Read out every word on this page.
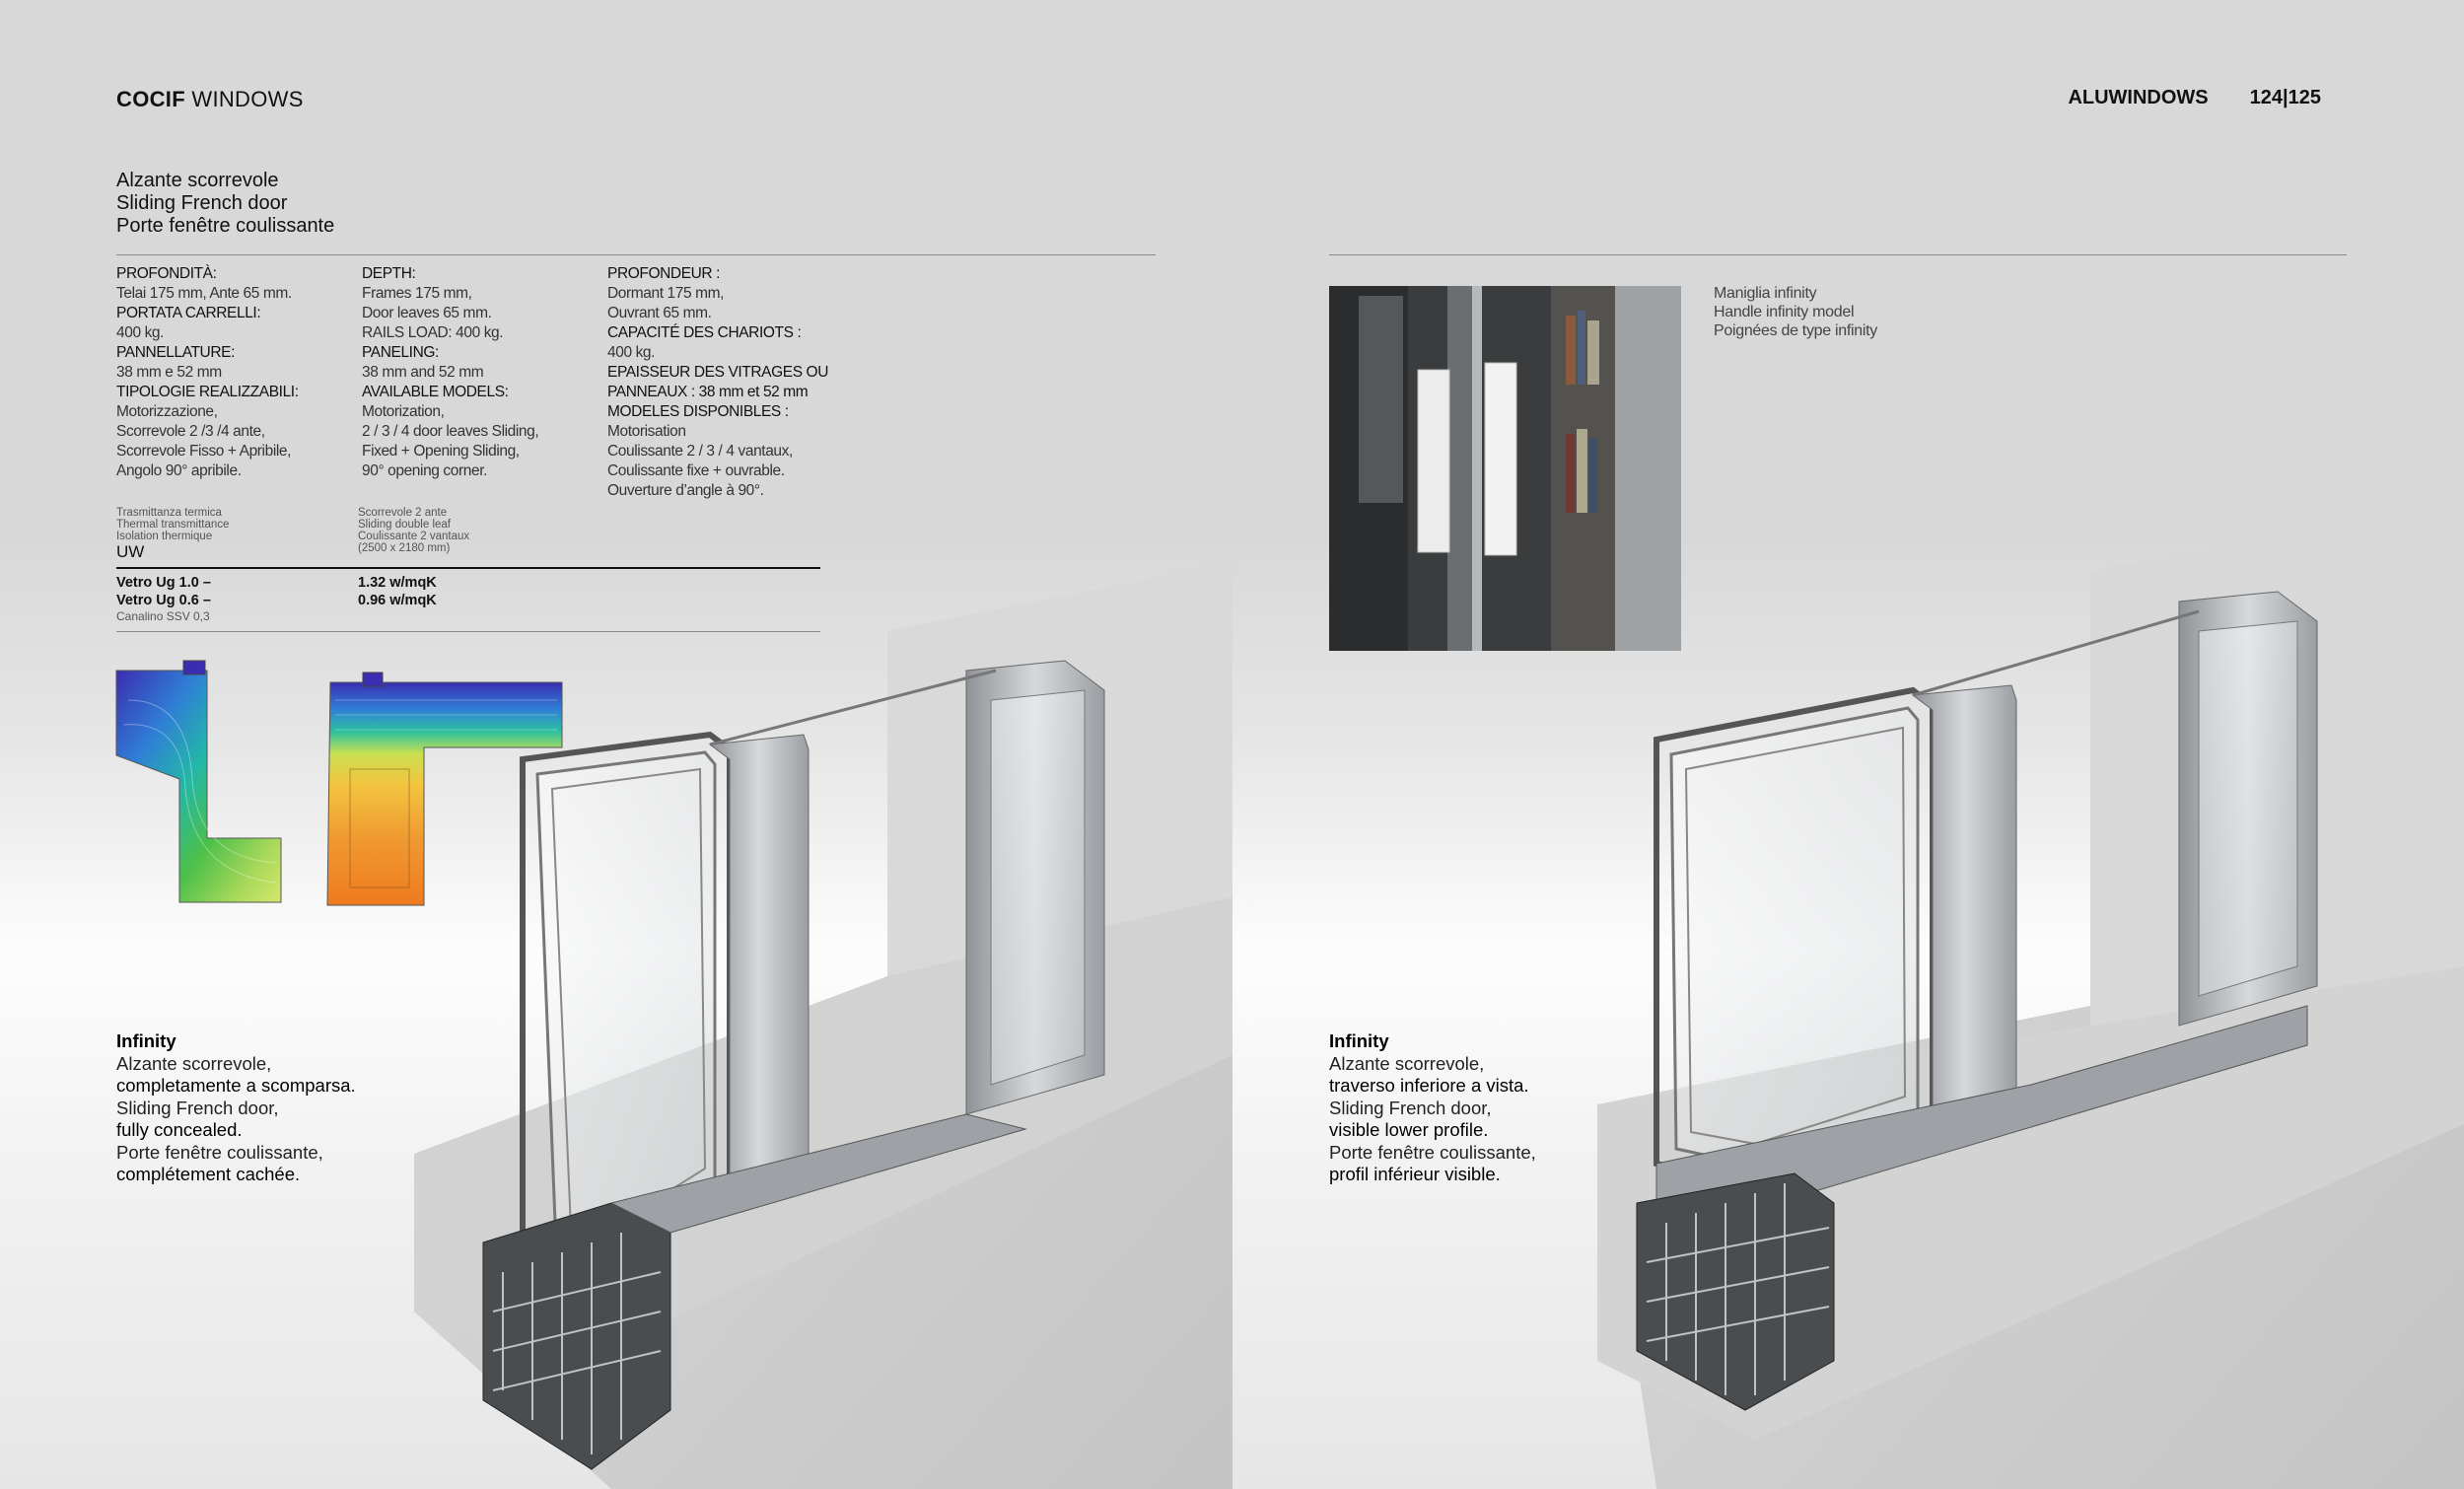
COCIF WINDOWS	ALUWINDOWS 124|125
Alzante scorrevole
Sliding French door
Porte fenêtre coulissante
PROFONDITÀ:
Telai 175 mm, Ante 65 mm.
PORTATA CARRELLI:
400 kg.
PANNELLATURE:
38 mm e 52 mm
TIPOLOGIE REALIZZABILI:
Motorizzazione,
Scorrevole 2 /3 /4 ante,
Scorrevole Fisso + Apribile,
Angolo 90° apribile.
DEPTH:
Frames 175 mm,
Door leaves 65 mm.
RAILS LOAD: 400 kg.
PANELING:
38 mm and 52 mm
AVAILABLE MODELS:
Motorization,
2 / 3 / 4 door leaves Sliding,
Fixed + Opening Sliding,
90° opening corner.
PROFONDEUR :
Dormant 175 mm,
Ouvrant 65 mm.
CAPACITÉ DES CHARIOTS :
400 kg.
EPAISSEUR DES VITRAGES OU
PANNEAUX : 38 mm et 52 mm
MODELES DISPONIBLES :
Motorisation
Coulissante 2 / 3 / 4 vantaux,
Coulissante fixe + ouvrable.
Ouverture d’angle à 90°.
Trasmittanza termica
Thermal transmittance
Isolation thermique
Scorrevole 2 ante
Sliding double leaf
Coulissante 2 vantaux
(2500 x 2180 mm)
UW
Vetro Ug 1.0 –
Vetro Ug 0.6 –
1.32 w/mqK
0.96 w/mqK
Canalino SSV 0,3
Maniglia infinity
Handle infinity model
Poignées de type infinity
Infinity
Alzante scorrevole,
completamente a scomparsa.
Sliding French door,
fully concealed.
Porte fenêtre coulissante,
complétement cachée.
Infinity
Alzante scorrevole,
traverso inferiore a vista.
Sliding French door,
visible lower profile.
Porte fenêtre coulissante,
profil inférieur visible.
